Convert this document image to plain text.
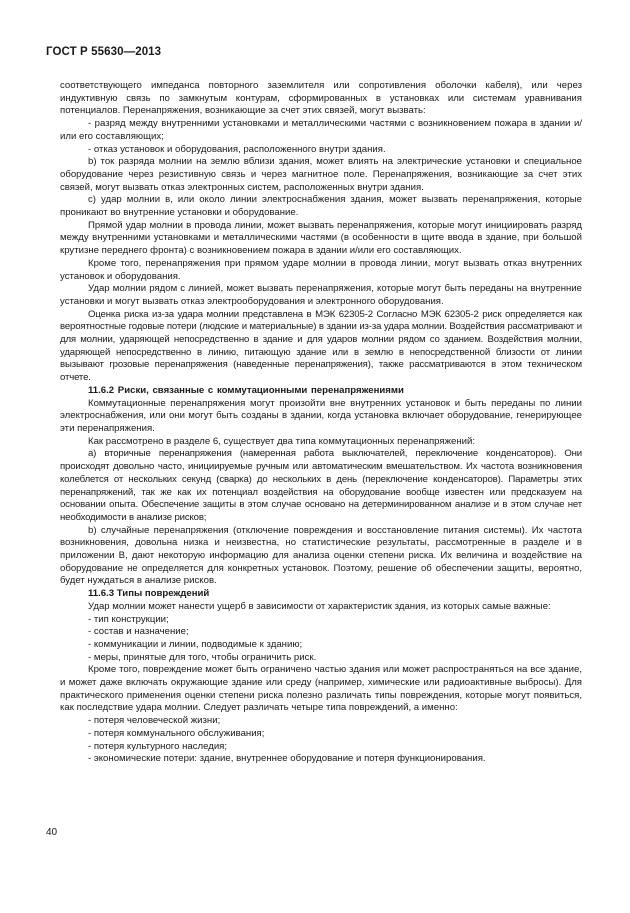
ГОСТ Р 55630—2013

соответствующего импеданса повторного заземлителя или сопротивления оболочки кабеля), или через индуктивную связь по замкнутым контурам, сформированных в установках или системам уравнивания потенциалов. Перенапряжения, возникающие за счет этих связей, могут вызвать:

- разряд между внутренними установками и металлическими частями с возникновением пожара в здании и/или его составляющих;

- отказ установок и оборудования, расположенного внутри здания.

b) ток разряда молнии на землю вблизи здания, может влиять на электрические установки и специальное оборудование через резистивную связь и через магнитное поле. Перенапряжения, возникающие за счет этих связей, могут вызвать отказ электронных систем, расположенных внутри здания.

c) удар молнии в, или около линии электроснабжения здания, может вызвать перенапряжения, которые проникают во внутренние установки и оборудование.

Прямой удар молнии в провода линии, может вызвать перенапряжения, которые могут инициировать разряд между внутренними установками и металлическими частями (в особенности в щите ввода в здание, при большой крутизне переднего фронта) с возникновением пожара в здании и/или его составляющих.

Кроме того, перенапряжения при прямом ударе молнии в провода линии, могут вызвать отказ внутренних установок и оборудования.

Удар молнии рядом с линией, может вызвать перенапряжения, которые могут быть переданы на внутренние установки и могут вызвать отказ электрооборудования и электронного оборудования.

Оценка риска из-за удара молнии представлена в МЭК 62305-2 Согласно МЭК 62305-2 риск определяется как вероятностные годовые потери (людские и материальные) в здании из-за удара молнии. Воздействия рассматривают и для молнии, ударяющей непосредственно в здание и для ударов молнии рядом со зданием. Воздействия молнии, ударяющей непосредственно в линию, питающую здание или в землю в непосредственной близости от линии вызывают грозовые перенапряжения (наведенные перенапряжения), также рассматриваются в этом техническом отчете.

11.6.2 Риски, связанные с коммутационными перенапряжениями

Коммутационные перенапряжения могут произойти вне внутренних установок и быть переданы по линии электроснабжения, или они могут быть созданы в здании, когда установка включает оборудование, генерирующее эти перенапряжения.

Как рассмотрено в разделе 6, существует два типа коммутационных перенапряжений:

a) вторичные перенапряжения (намеренная работа выключателей, переключение конденсаторов). Они происходят довольно часто, инициируемые ручным или автоматическим вмешательством. Их частота возникновения колеблется от нескольких секунд (сварка) до нескольких в день (переключение конденсаторов). Параметры этих перенапряжений, так же как их потенциал воздействия на оборудование вообще известен или предсказуем на основании опыта. Обеспечение защиты в этом случае основано на детерминированном анализе и в этом случае нет необходимости в анализе рисков;

b) случайные перенапряжения (отключение повреждения и восстановление питания системы). Их частота возникновения, довольна низка и неизвестна, но статистические результаты, рассмотренные в разделе и в приложении В, дают некоторую информацию для анализа оценки степени риска. Их величина и воздействие на оборудование не определяется для конкретных установок. Поэтому, решение об обеспечении защиты, вероятно, будет нуждаться в анализе рисков.

11.6.3 Типы повреждений

Удар молнии может нанести ущерб в зависимости от характеристик здания, из которых самые важные:

- тип конструкции;

- состав и назначение;

- коммуникации и линии, подводимые к зданию;

- меры, принятые для того, чтобы ограничить риск.

Кроме того, повреждение может быть ограничено частью здания или может распространяться на все здание, и может даже включать окружающие здание или среду (например, химические или радиоактивные выбросы). Для практического применения оценки степени риска полезно различать типы повреждения, которые могут появиться, как последствие удара молнии. Следует различать четыре типа повреждений, а именно:

- потеря человеческой жизни;

- потеря коммунального обслуживания;

- потеря культурного наследия;

- экономические потери: здание, внутреннее оборудование и потеря функционирования.

40
